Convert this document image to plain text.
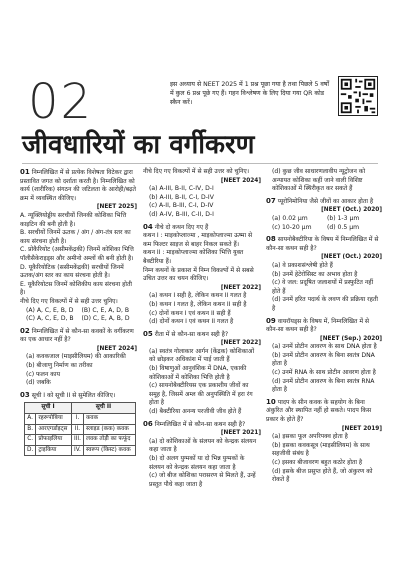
02	इस अध्याय से NEET 2025 में 1 प्रश्न पूछा गया है तथा पिछले 5 वर्षों में कुल 6 प्रश्न पूछे गए हैं। गहन विश्लेषण के लिए दिया गया QR कोड स्कैन करें।
जीवधारियों का वर्गीकरण

01 निम्नलिखित में से प्रत्येक विशेषता विटेकर द्वारा प्रस्तावित जगत को दर्शाता करती है। निम्नलिखित को कार्य (शारीरिक) संगठन की जटिलता के आरोही/बढ़ते क्रम में व्यवस्थित कीजिए।

[NEET 2025]

A. न्यूक्लियोड्डीय सरचीयों जिनकी कोशिका भित्ति काइटिन की बनी होती है।

B. सरचीयों जिनमें ऊतक / अंग / अंग-तंत्र स्तर का काय संरचना होती है।

C. प्रोकैरियोट (असीमकेंद्रकी) जिनमें कोशिका भित्ति पॉलीसैकेराइड्स और अमीनो अम्लों की बनी होती है।

D. यूकैरियोटिक (ससीमकेंद्रकी) सरचीयों जिनमें ऊतक/अंग स्तर का काय संरचना होती है।

E. यूकैरियोटस जिनमें कोशिकीय काय संरचना होती है।

नीचे दिए गए विकल्पों में से सही उत्तर चुनिए।

(A) A, C, E, B, D	(B) C, E, A, D, B
(C) A, C, E, D, B	(D) C, E, A, B, D

02 निम्नलिखित में से कौन-सा कवकों के वर्गीकरण का एक आधार नहीं है?

[NEET 2024]
(a) कवकजाल (माइसीलियम) की आकारिकी
(b) बीजाणु निर्माण का तरीका
(c) फलन काय
(d) जबकि

03 सूची I को सूची II से सुमेलित कीजिए।

सूची I		सूची II	
A.	रहरूपोबिया	I.	कवक
B.	आरएगर्डाइट्स	II.	स्लाइड (कक) कवक
C.	प्रोफाइलिया	III.	लवक तोड़ी का फफूंद
D.	ट्राइकिया	IV.	स्वरूप (किस्ट) कवक

नीचे दिए गए विकल्पों में से सही उत्तर को चुनिए।

[NEET 2024]
(a) A-III, B-II, C-IV, D-I
(b) A-III, B-II, C-I, D-IV
(c) A-II, B-III, C-I, D-IV
(d) A-IV, B-III, C-II, D-I

04 नीचे दो कथन दिए गए हैं

कथन I : माइकोप्लाज्मा , माइकोप्लाज्मा ऊष्मा से कम फिल्टर साइज से बाहर निकल सकते हैं।

कथन II : माइकोप्लाज्मा कोशिका भित्ति युक्त बैक्टीरिया हैं।

निम्न कथनों के प्रकाश में निम्न विकल्पों में से सबसे उचित उत्तर का चयन कीजिए।

[NEET 2022]
(a) कथन I सही है, लेकिन कथन II गलत है
(b) कथन I गलत है, लेकिन कथन II सही है
(c) दोनों कथन I एवं कथन II सही हैं
(d) दोनों कथन I एवं कथन II गलत है

05 रीता में से कौन-सा कथन सही है?

[NEET 2022]
(a) स्वतंत्र गोलाकार आर्गन (केंद्रक) कोशिकाओं को छोड़कर अधिकांश में पाई जाती हैं
(b) विषाणुओं आनुवंशिक में DNA, एकाकी कोशिकाओं में कोशिका भित्ति होती है
(c) सायनोबैक्टीरियस एक प्रकाशीय जीवों का समूह है, जिसमें अम्ल की अनुपस्थिति में हरा रंग होता है
(d) बैक्टीरिया अनन्य परजीवी जीव होते हैं

06 निम्नलिखित में से कौन-सा कथन सही है?

[NEET 2021]
(a) दो कोशिकाओं के संलयन को केन्द्रक संलयन कहा जाता है
(b) दो अलग युग्मकों या दो भिन्न युग्मकों के संलयन को केन्द्रक संलयन कहा जाता है
(c) जो बीज कोशिका परासरण से मिलते हैं, उन्हें प्रस्तुत पौधे कहा जाता है
(d) कुछ जीव साधारणलावीय न्यूट्रोजन को अन्यायत कोशिका कहीं जाने वाली विशिष्ट कोशिकाओं में स्थिरीकृत कर सकते हैं

07 प्यूरोनिमोनिया जैसे जीवों का आकार होता है

[NEET (Oct.) 2020]
(a) 0.02 μm	(b) 1-3 μm
(c) 10-20 μm	(d) 0.5 μm

08 सायनोबैक्टीरिया के विषय में निम्नलिखित में से कौन-सा कथन सही है?

[NEET (Oct.) 2020]
(a) वे प्रकाशसंश्लेषी होते हैं
(b) उनमें हेटेरोसिस्ट का अभाव होता है
(c) वे जल: प्रदूषित जलाशयों में प्रस्फुटित नहीं होते हैं
(d) उनमें हरित पदार्थ के लवण की प्रक्रिया रहती है

09 वायरॉयड्स के विषय में, निम्नलिखित में से कौन-सा कथन सही है?

[NEET (Sep.) 2020]
(a) उनमें प्रोटीन आवरण के साथ DNA होता है
(b) उनमें प्रोटीन आवरण के बिना स्वतंत्र DNA होता है
(c) उनमें RNA के साथ प्रोटीन आवरण होता है
(d) उनमें प्रोटीन आवरण के बिना स्वतंत्र RNA होता है

10 पादप के सीन कवक के सहयोग के बिना अंकुरित और स्थापित नहीं हो सकते। पादप किस प्रकार के होते हैं?

[NEET 2019]
(a) इसका फूल अपरिपक्व होता है
(b) इसका कवकसूत्र (माइसीलियम) के साथ सहजीवी संबंध है
(c) इसका बीजावरण बहुत कठोर होता है
(d) इसके बीज प्रसुप्त होते हैं, जो अंकुरण को रोकते हैं
